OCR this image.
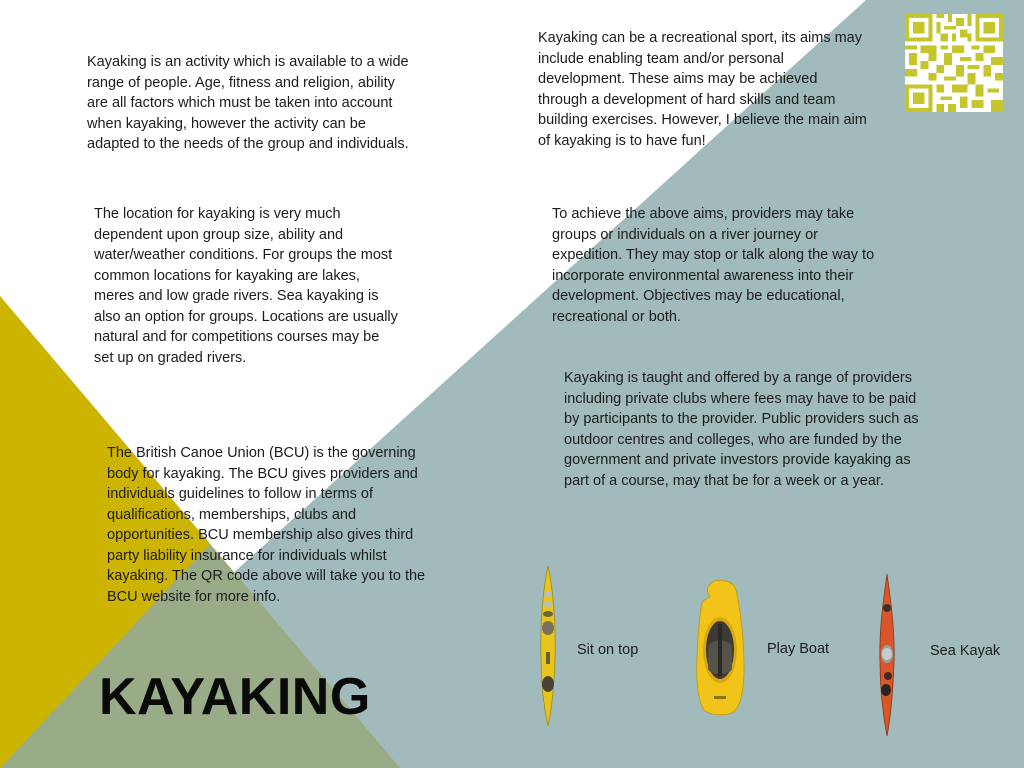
Kayaking is an activity which is available to a wide range of people. Age, fitness and religion, ability are all factors which must be taken into account when kayaking, however the activity can be adapted to the needs of the group and individuals.

Kayaking can be a recreational sport, its aims may include enabling team and/or personal development. These aims may be achieved through a development of hard skills and team building exercises. However, I believe the main aim of kayaking is to have fun!

The location for kayaking is very much dependent upon group size, ability and water/weather conditions. For groups the most common locations for kayaking are lakes, meres and low grade rivers. Sea kayaking is also an option for groups. Locations are usually natural and for competitions courses may be set up on graded rivers.

To achieve the above aims, providers may take groups or individuals on a river journey or expedition. They may stop or talk along the way to incorporate environmental awareness into their development. Objectives may be educational, recreational or both.

Kayaking is taught and offered by a range of providers including private clubs where fees may have to be paid by participants to the provider. Public providers such as outdoor centres and colleges, who are funded by the government and private investors provide kayaking as part of a course, may that be for a week or a year.

The British Canoe Union (BCU) is the governing body for kayaking. The BCU gives providers and individuals guidelines to follow in terms of qualifications, memberships, clubs and opportunities. BCU membership also gives third party liability insurance for individuals whilst kayaking. The QR code above will take you to the BCU website for more info.

KAYAKING
Sit on top	Play Boat	Sea Kayak
